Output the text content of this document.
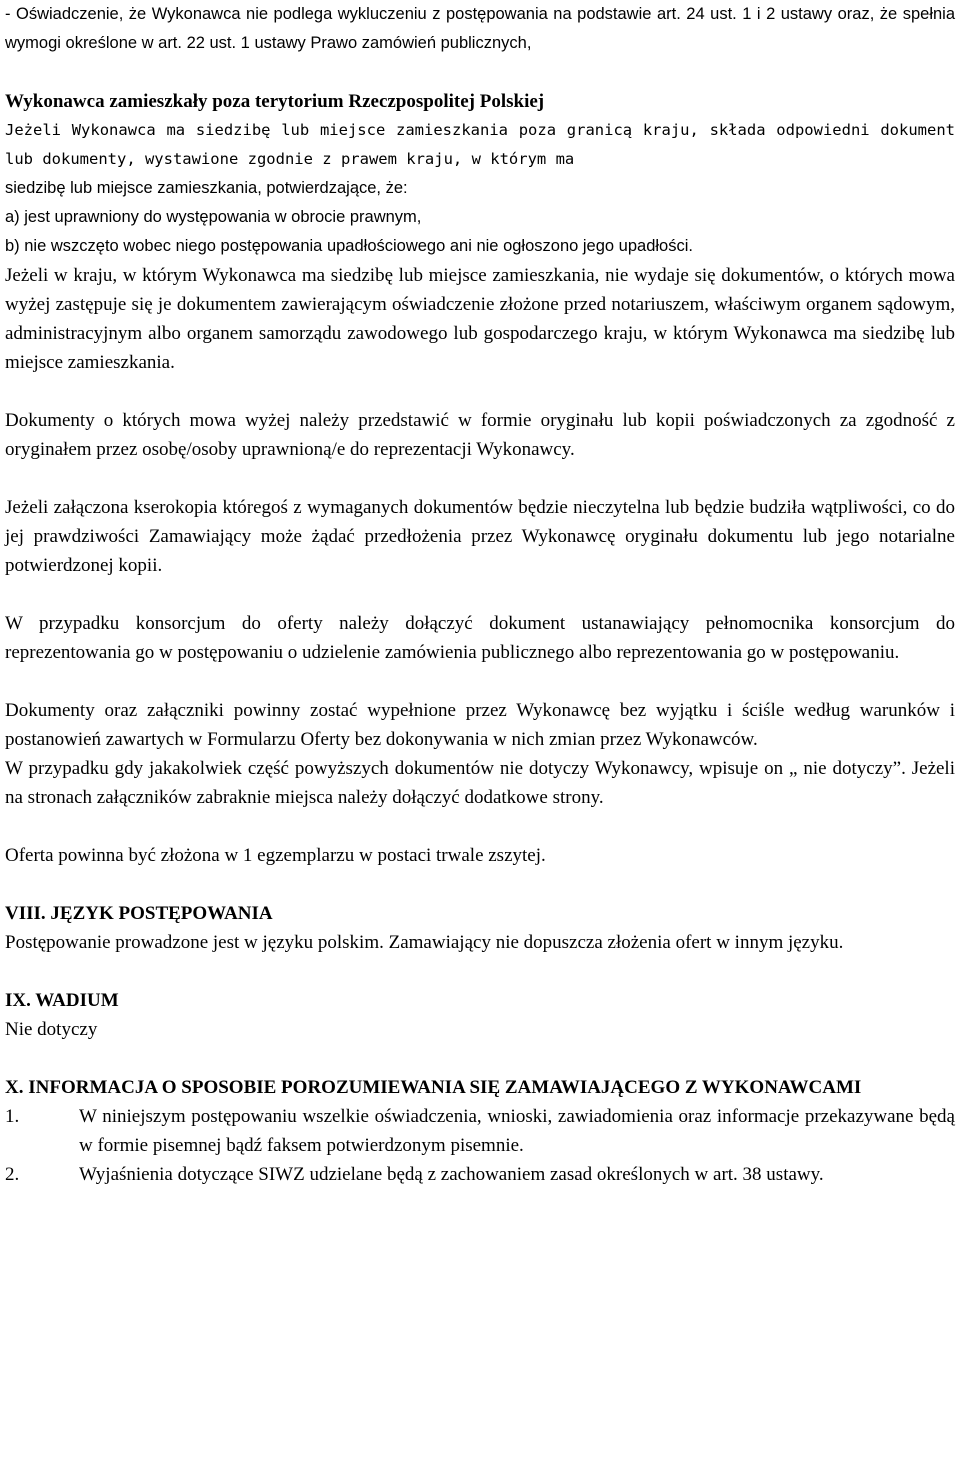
- Oświadczenie, że Wykonawca nie podlega wykluczeniu z postępowania na podstawie art. 24 ust. 1 i 2 ustawy oraz, że spełnia wymogi określone w art. 22 ust. 1 ustawy Prawo zamówień publicznych,

Wykonawca zamieszkały poza terytorium Rzeczpospolitej Polskiej

Jeżeli Wykonawca ma siedzibę lub miejsce zamieszkania poza granicą kraju, składa odpowiedni dokument lub dokumenty, wystawione zgodnie z prawem kraju, w którym ma

siedzibę lub miejsce zamieszkania, potwierdzające, że:

a) jest uprawniony do występowania w obrocie prawnym,

b) nie wszczęto wobec niego postępowania upadłościowego ani nie ogłoszono jego upadłości.

Jeżeli w kraju, w którym Wykonawca ma siedzibę lub miejsce zamieszkania, nie wydaje się dokumentów, o których mowa wyżej zastępuje się je dokumentem zawierającym oświadczenie złożone przed notariuszem, właściwym organem sądowym, administracyjnym albo organem samorządu zawodowego lub gospodarczego kraju, w którym Wykonawca ma siedzibę lub miejsce zamieszkania.

Dokumenty o których mowa wyżej należy przedstawić w formie oryginału lub kopii poświadczonych za zgodność z oryginałem przez osobę/osoby uprawnioną/e do reprezentacji Wykonawcy.

Jeżeli załączona kserokopia któregoś z wymaganych dokumentów będzie nieczytelna lub będzie budziła wątpliwości, co do jej prawdziwości Zamawiający może żądać przedłożenia przez Wykonawcę oryginału dokumentu lub jego notarialne potwierdzonej kopii.

W przypadku konsorcjum do oferty należy dołączyć dokument ustanawiający pełnomocnika konsorcjum do reprezentowania go w postępowaniu o udzielenie zamówienia publicznego albo reprezentowania go w postępowaniu.

Dokumenty oraz załączniki powinny zostać wypełnione przez Wykonawcę bez wyjątku i ściśle według warunków i postanowień zawartych w Formularzu Oferty bez dokonywania w nich zmian przez Wykonawców.

W przypadku gdy jakakolwiek część powyższych dokumentów nie dotyczy Wykonawcy, wpisuje on „ nie dotyczy”. Jeżeli na stronach załączników zabraknie miejsca należy dołączyć dodatkowe strony.

Oferta powinna być złożona w 1 egzemplarzu w postaci trwale zszytej.

VIII. JĘZYK POSTĘPOWANIA

Postępowanie prowadzone jest w języku polskim. Zamawiający nie dopuszcza złożenia ofert w innym języku.

IX. WADIUM

Nie dotyczy

X. INFORMACJA O SPOSOBIE POROZUMIEWANIA SIĘ ZAMAWIAJĄCEGO Z WYKONAWCAMI

1.	W niniejszym postępowaniu wszelkie oświadczenia, wnioski, zawiadomienia oraz informacje przekazywane będą w formie pisemnej bądź faksem potwierdzonym pisemnie.
2.	Wyjaśnienia dotyczące SIWZ udzielane będą z zachowaniem zasad określonych w art. 38 ustawy.
